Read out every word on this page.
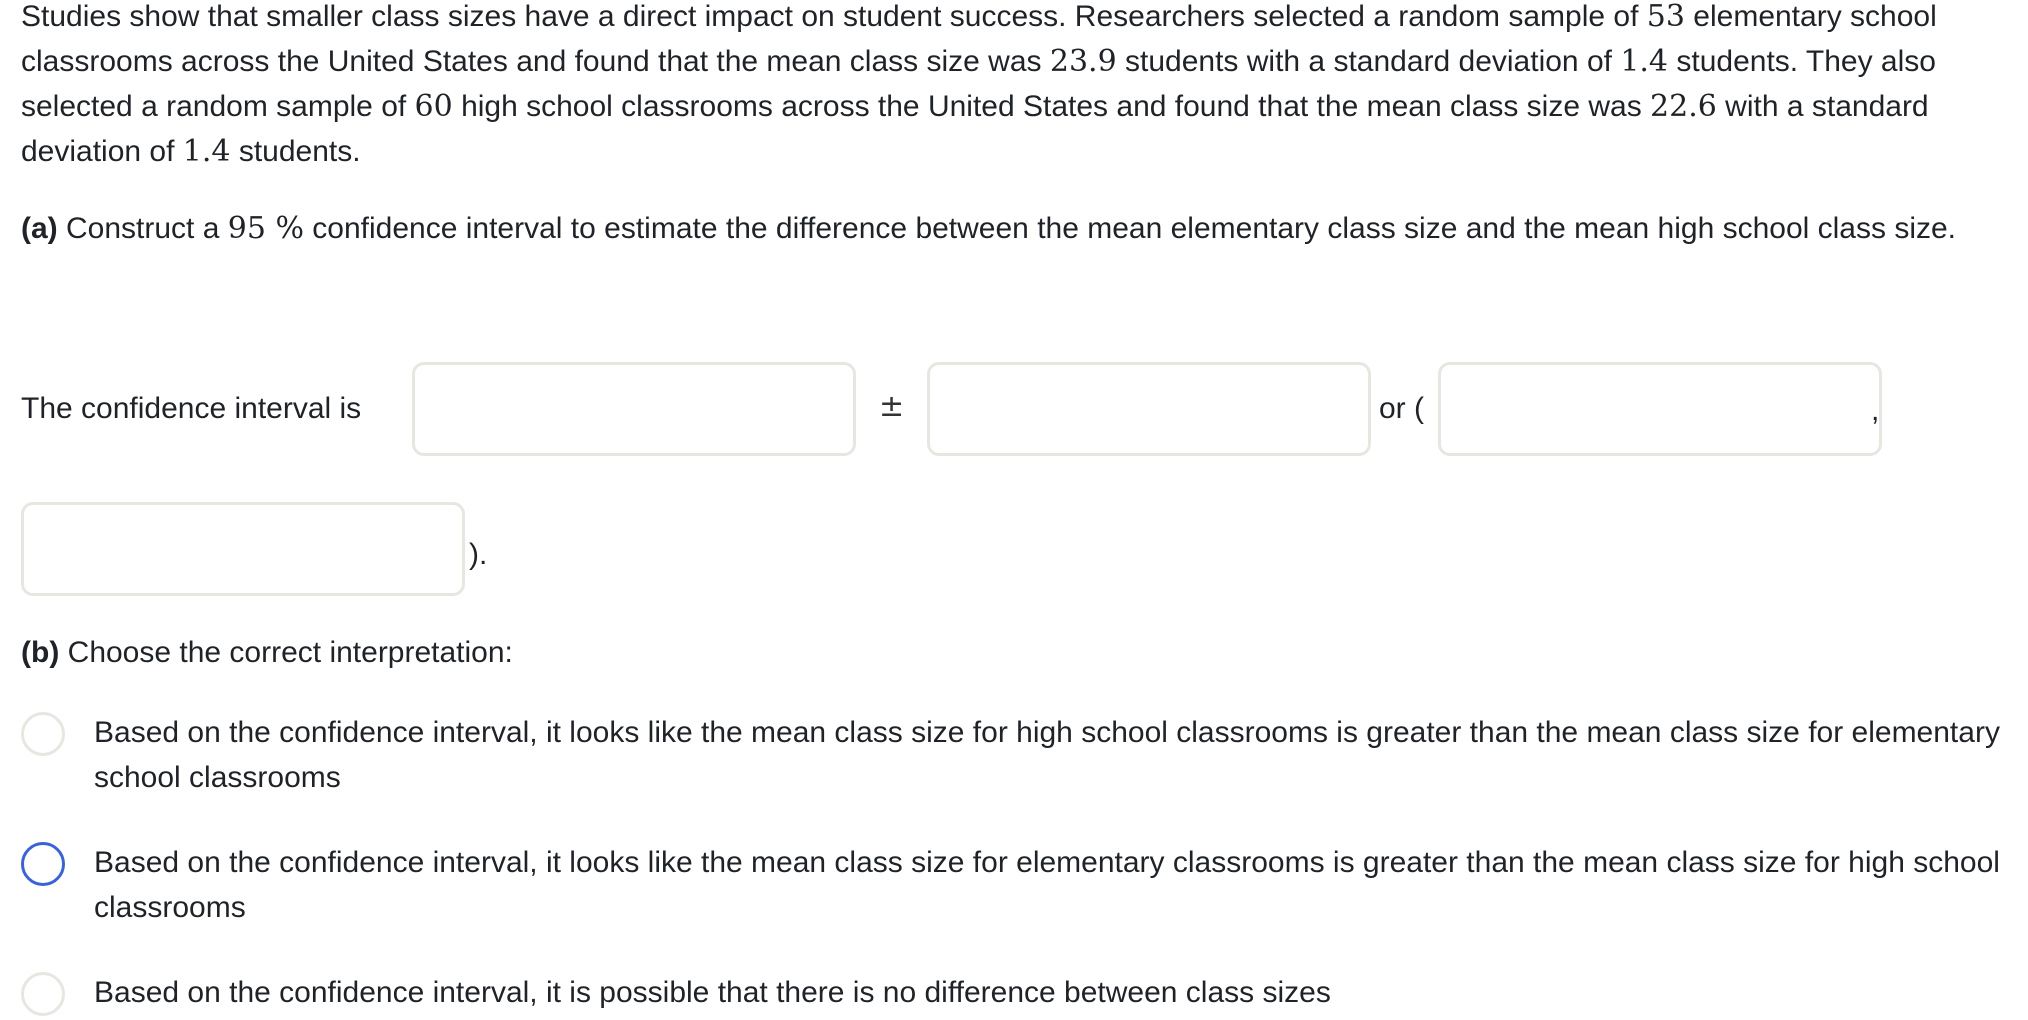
Studies show that smaller class sizes have a direct impact on student success. Researchers selected a random sample of 53 elementary school classrooms across the United States and found that the mean class size was 23.9 students with a standard deviation of 1.4 students. They also selected a random sample of 60 high school classrooms across the United States and found that the mean class size was 22.6 with a standard deviation of 1.4 students.

(a) Construct a 95 % confidence interval to estimate the difference between the mean elementary class size and the mean high school class size.

The confidence interval is	±	or (	,
).

(b) Choose the correct interpretation:

Based on the confidence interval, it looks like the mean class size for high school classrooms is greater than the mean class size for elementary school classrooms
Based on the confidence interval, it looks like the mean class size for elementary classrooms is greater than the mean class size for high school classrooms
Based on the confidence interval, it is possible that there is no difference between class sizes
